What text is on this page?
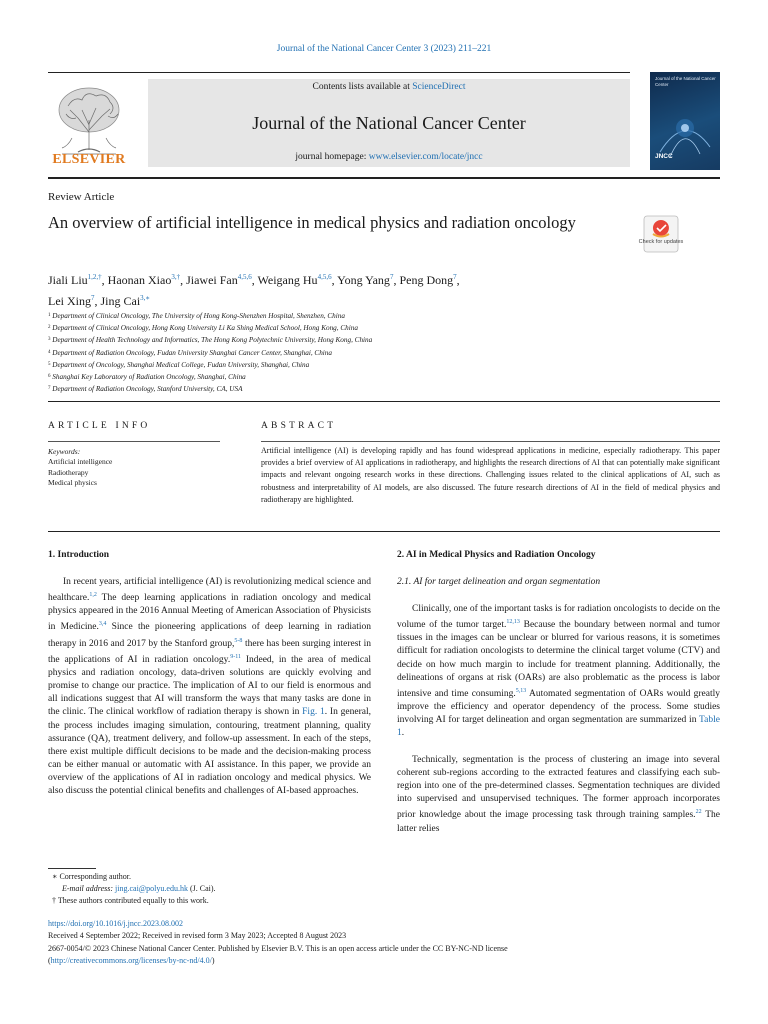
Journal of the National Cancer Center 3 (2023) 211–221
ELSEVIER
Contents lists available at ScienceDirect
Journal of the National Cancer Center
journal homepage: www.elsevier.com/locate/jncc
Journal of the National Cancer Center
JNCC
Review Article
An overview of artificial intelligence in medical physics and radiation oncology
Check for updates
Jiali Liu$^{1,2,\dagger}$, Haonan Xiao$^{3,\dagger}$, Jiawei Fan$^{4,5,6}$, Weigang Hu$^{4,5,6}$, Yong Yang$^7$, Peng Dong$^7$,
Lei Xing$^7$, Jing Cai$^{3,∗}$
$^1$ Department of Clinical Oncology, The University of Hong Kong-Shenzhen Hospital, Shenzhen, China
$^2$ Department of Clinical Oncology, Hong Kong University Li Ka Shing Medical School, Hong Kong, China
$^3$ Department of Health Technology and Informatics, The Hong Kong Polytechnic University, Hong Kong, China
$^4$ Department of Radiation Oncology, Fudan University Shanghai Cancer Center, Shanghai, China
$^5$ Department of Oncology, Shanghai Medical College, Fudan University, Shanghai, China
$^6$ Shanghai Key Laboratory of Radiation Oncology, Shanghai, China
$^7$ Department of Radiation Oncology, Stanford University, CA, USA
ARTICLE INFO	ABSTRACT
Keywords:
Artificial intelligence
Radiotherapy
Medical physics
Artificial intelligence (AI) is developing rapidly and has found widespread applications in medicine, especially radiotherapy. This paper provides a brief overview of AI applications in radiotherapy, and highlights the research directions of AI that can potentially make significant impacts and relevant ongoing research works in these directions. Challenging issues related to the clinical applications of AI, such as robustness and interpretability of AI models, are also discussed. The future research directions of AI in the field of medical physics and radiotherapy are highlighted.
1. Introduction

In recent years, artificial intelligence (AI) is revolutionizing medical science and healthcare.$^{1,2}$ The deep learning applications in radiation oncology and medical physics appeared in the 2016 Annual Meeting of American Association of Physicists in Medicine.$^{3,4}$ Since the pioneering applications of deep learning in radiation therapy in 2016 and 2017 by the Stanford group,$^{5-8}$ there has been surging interest in the applications of AI in radiation oncology.$^{9-11}$ Indeed, in the area of medical physics and radiation oncology, data-driven solutions are quickly evolving and promise to change our practice. The implication of AI to our field is enormous and all indications suggest that AI will transform the ways that many tasks are done in the clinic. The clinical workflow of radiation therapy is shown in Fig. 1. In general, the process includes imaging simulation, contouring, treatment planning, quality assurance (QA), treatment delivery, and follow-up assessment. In each of the steps, there exist multiple difficult decisions to be made and the decision-making process can be either manual or automatic with AI assistance. In this paper, we provide an overview of the applications of AI in radiation oncology and medical physics. We also discuss the potential clinical benefits and challenges of AI-based approaches.

2. AI in Medical Physics and Radiation Oncology
2.1. AI for target delineation and organ segmentation

Clinically, one of the important tasks is for radiation oncologists to decide on the volume of the tumor target.$^{12,13}$ Because the boundary between normal and tumor tissues in the images can be unclear or blurred for various reasons, it is sometimes difficult for radiation oncologists to determine the clinical target volume (CTV) and decide on how much margin to include for treatment planning. Additionally, the delineations of organs at risk (OARs) are also problematic as the process is labor intensive and time consuming.$^{5,13}$ Automated segmentation of OARs would greatly improve the efficiency and operator dependency of the process. Some studies involving AI for target delineation and organ segmentation are summarized in Table 1.

Technically, segmentation is the process of clustering an image into several coherent sub-regions according to the extracted features and classifying each sub-region into one of the pre-determined classes. Segmentation techniques are divided into supervised and unsupervised techniques. The former approach incorporates prior knowledge about the image processing task through training samples.$^{22}$ The latter relies

∗ Corresponding author.
E-mail address: jing.cai@polyu.edu.hk (J. Cai).
† These authors contributed equally to this work.
https://doi.org/10.1016/j.jncc.2023.08.002
Received 4 September 2022; Received in revised form 3 May 2023; Accepted 8 August 2023
2667-0054/© 2023 Chinese National Cancer Center. Published by Elsevier B.V. This is an open access article under the CC BY-NC-ND license
(http://creativecommons.org/licenses/by-nc-nd/4.0/)
